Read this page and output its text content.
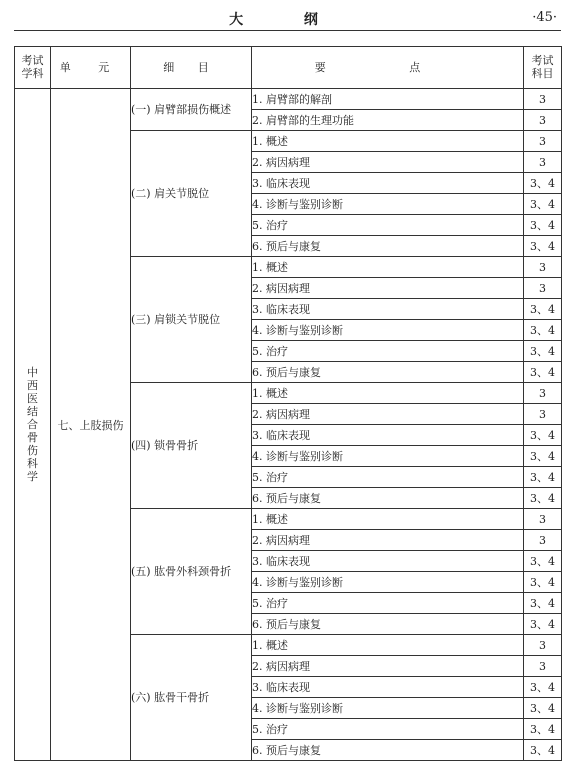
大 纲	·45·
考试学科	单 元	细 目	要 点	考试科目
中西医结合骨伤科学	七、上肢损伤	(一) 肩臂部损伤概述	1. 肩臂部的解剖	3
			2. 肩臂部的生理功能	3
		(二) 肩关节脱位	1. 概述	3
			2. 病因病理	3
			3. 临床表现	3、4
			4. 诊断与鉴别诊断	3、4
			5. 治疗	3、4
			6. 预后与康复	3、4
		(三) 肩锁关节脱位	1. 概述	3
			2. 病因病理	3
			3. 临床表现	3、4
			4. 诊断与鉴别诊断	3、4
			5. 治疗	3、4
			6. 预后与康复	3、4
		(四) 锁骨骨折	1. 概述	3
			2. 病因病理	3
			3. 临床表现	3、4
			4. 诊断与鉴别诊断	3、4
			5. 治疗	3、4
			6. 预后与康复	3、4
		(五) 肱骨外科颈骨折	1. 概述	3
			2. 病因病理	3
			3. 临床表现	3、4
			4. 诊断与鉴别诊断	3、4
			5. 治疗	3、4
			6. 预后与康复	3、4
		(六) 肱骨干骨折	1. 概述	3
			2. 病因病理	3
			3. 临床表现	3、4
			4. 诊断与鉴别诊断	3、4
			5. 治疗	3、4
			6. 预后与康复	3、4
